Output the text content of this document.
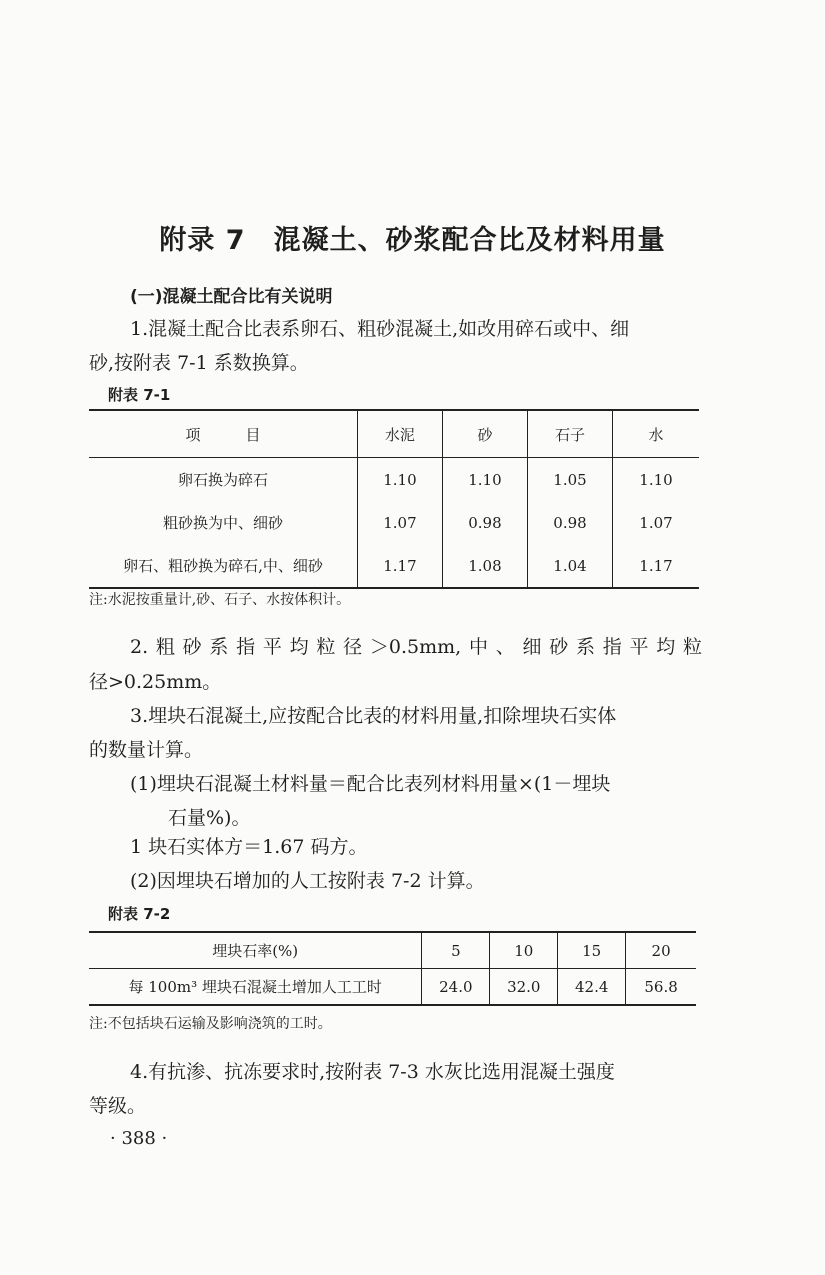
附录 7　混凝土、砂浆配合比及材料用量
(一)混凝土配合比有关说明
1.混凝土配合比表系卵石、粗砂混凝土,如改用碎石或中、细
砂,按附表 7-1 系数换算。
附表 7-1
项　　　目	水泥	砂	石子	水
卵石换为碎石	1.10	1.10	1.05	1.10
粗砂换为中、细砂	1.07	0.98	0.98	1.07
卵石、粗砂换为碎石,中、细砂	1.17	1.08	1.04	1.17
注:水泥按重量计,砂、石子、水按体积计。
2.粗砂系指平均粒径＞0.5mm,中、细砂系指平均粒
径>0.25mm。
3.埋块石混凝土,应按配合比表的材料用量,扣除埋块石实体
的数量计算。
(1)埋块石混凝土材料量＝配合比表列材料用量×(1－埋块
石量%)。
1 块石实体方＝1.67 码方。
(2)因埋块石增加的人工按附表 7-2 计算。
附表 7-2
埋块石率(%)	5	10	15	20
每 100m³ 埋块石混凝土增加人工工时	24.0	32.0	42.4	56.8
注:不包括块石运输及影响浇筑的工时。
4.有抗渗、抗冻要求时,按附表 7-3 水灰比选用混凝土强度
等级。
· 388 ·
